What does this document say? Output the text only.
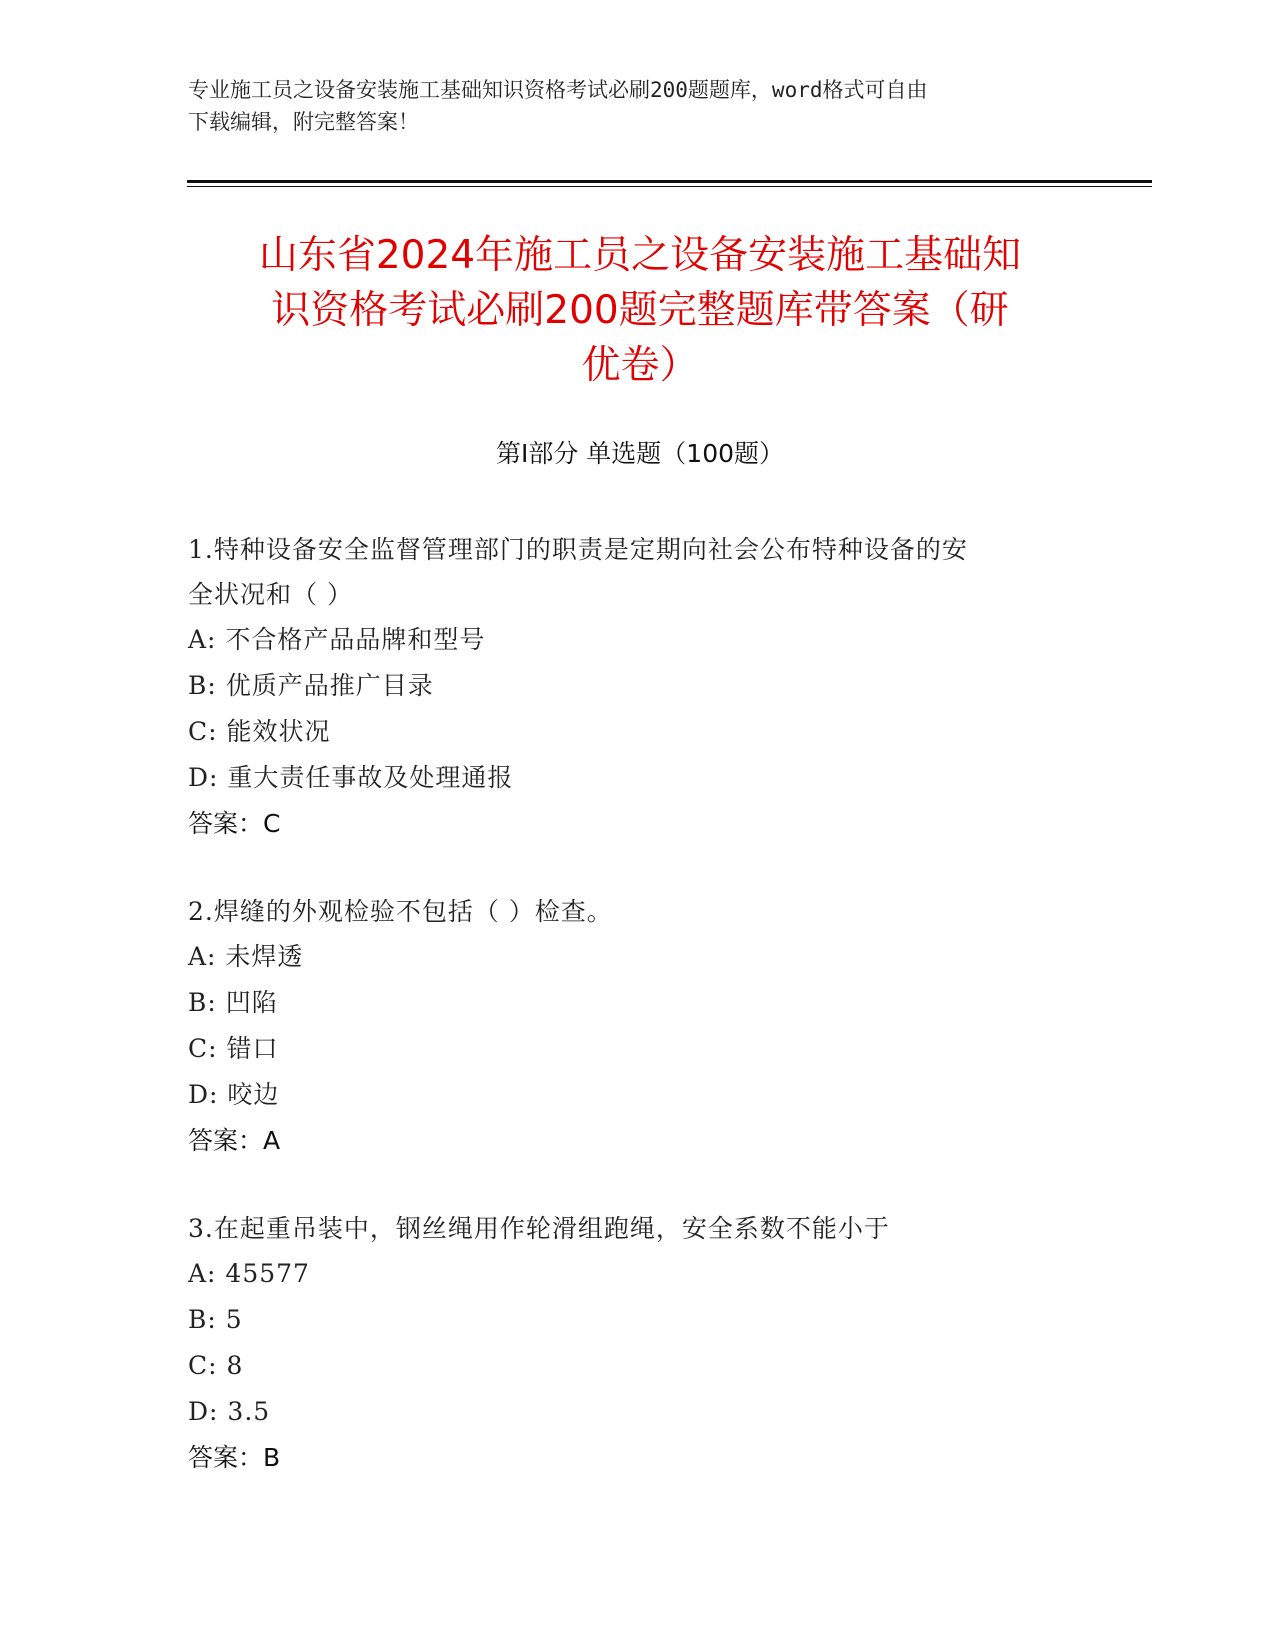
专业施工员之设备安装施工基础知识资格考试必刷200题题库，word格式可自由
下载编辑，附完整答案！
山东省2024年施工员之设备安装施工基础知
识资格考试必刷200题完整题库带答案（研
优卷）
第Ⅰ部分 单选题（100题）
1.特种设备安全监督管理部门的职责是定期向社会公布特种设备的安
全状况和（ ）
A: 不合格产品品牌和型号
B: 优质产品推广目录
C: 能效状况
D: 重大责任事故及处理通报
答案：C
2.焊缝的外观检验不包括（ ）检查。
A: 未焊透
B: 凹陷
C: 错口
D: 咬边
答案：A
3.在起重吊装中，钢丝绳用作轮滑组跑绳，安全系数不能小于
A: 45577
B: 5
C: 8
D: 3.5
答案：B
